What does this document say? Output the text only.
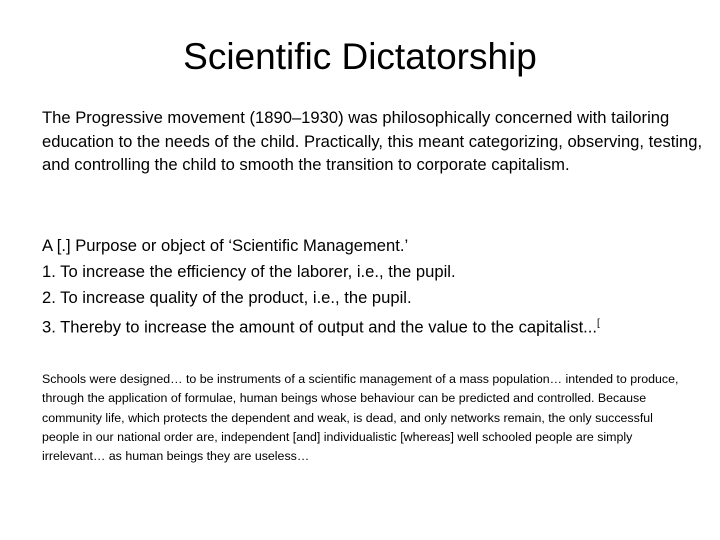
Scientific Dictatorship

The Progressive movement (1890–1930) was philosophically concerned with tailoring education to the needs of the child. Practically, this meant categorizing, observing, testing, and controlling the child to smooth the transition to corporate capitalism.

A [.] Purpose or object of ‘Scientific Management.’
1. To increase the efficiency of the laborer, i.e., the pupil.
2. To increase quality of the product, i.e., the pupil.
3. Thereby to increase the amount of output and the value to the capitalist...[

Schools were designed… to be instruments of a scientific management of a mass population… intended to produce, through the application of formulae, human beings whose behaviour can be predicted and controlled. Because community life, which protects the dependent and weak, is dead, and only networks remain, the only successful people in our national order are, independent [and] individualistic [whereas] well schooled people are simply irrelevant… as human beings they are useless…
